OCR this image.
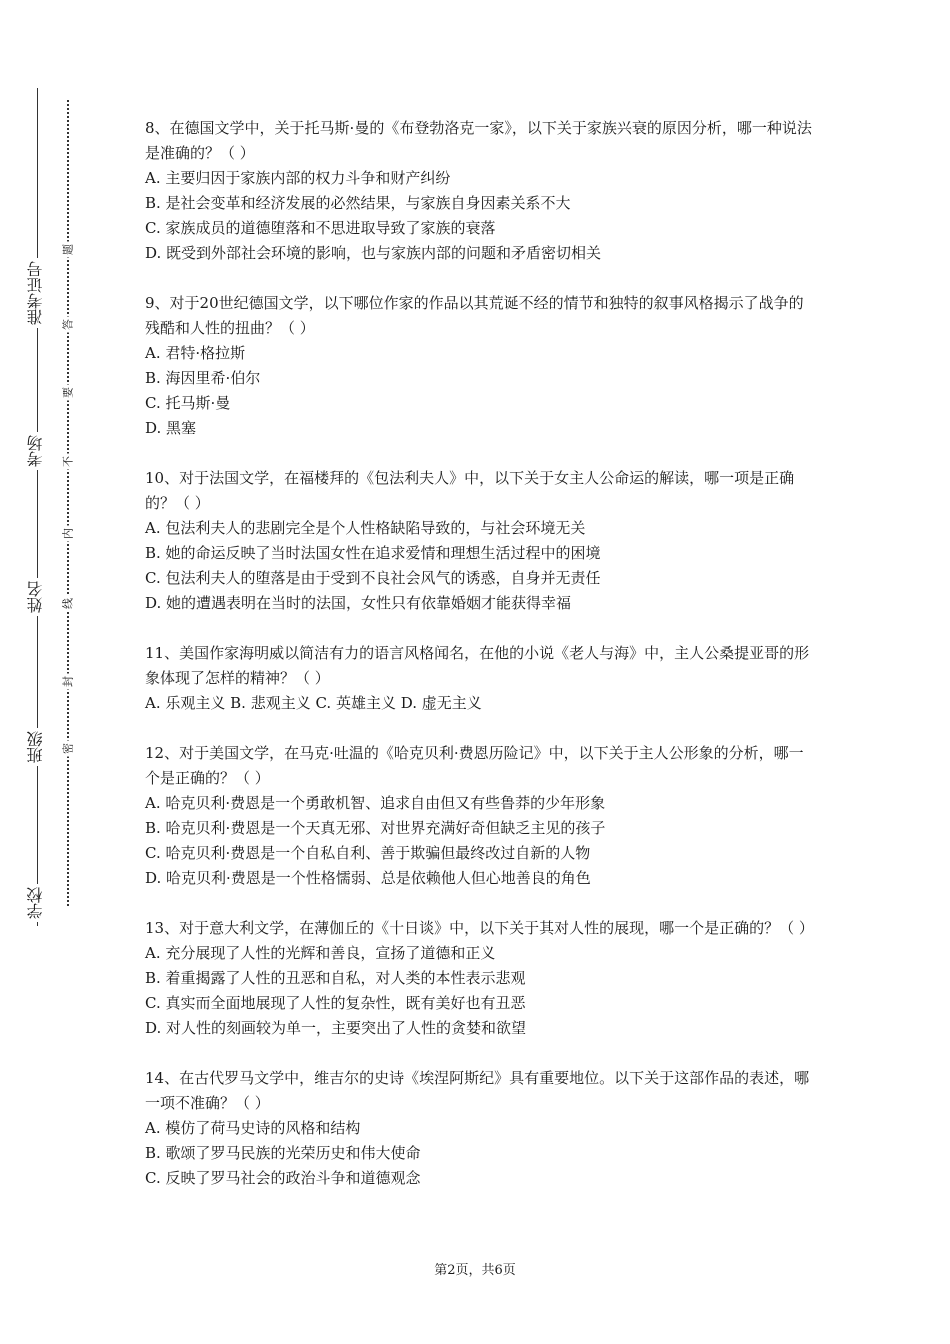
准考证号
考场
姓名
班级
学校
题
答
要
不
内
线
封
密

8、在德国文学中，关于托马斯·曼的《布登勃洛克一家》，以下关于家族兴衰的原因分析，哪一种说法是准确的？（ ）

A. 主要归因于家族内部的权力斗争和财产纠纷

B. 是社会变革和经济发展的必然结果，与家族自身因素关系不大

C. 家族成员的道德堕落和不思进取导致了家族的衰落

D. 既受到外部社会环境的影响，也与家族内部的问题和矛盾密切相关

9、对于20世纪德国文学，以下哪位作家的作品以其荒诞不经的情节和独特的叙事风格揭示了战争的残酷和人性的扭曲？（ ）

A. 君特·格拉斯

B. 海因里希·伯尔

C. 托马斯·曼

D. 黑塞

10、对于法国文学，在福楼拜的《包法利夫人》中，以下关于女主人公命运的解读，哪一项是正确的？（ ）

A. 包法利夫人的悲剧完全是个人性格缺陷导致的，与社会环境无关

B. 她的命运反映了当时法国女性在追求爱情和理想生活过程中的困境

C. 包法利夫人的堕落是由于受到不良社会风气的诱惑，自身并无责任

D. 她的遭遇表明在当时的法国，女性只有依靠婚姻才能获得幸福

11、美国作家海明威以简洁有力的语言风格闻名，在他的小说《老人与海》中，主人公桑提亚哥的形象体现了怎样的精神？（ ）

A. 乐观主义 B. 悲观主义 C. 英雄主义 D. 虚无主义

12、对于美国文学，在马克·吐温的《哈克贝利·费恩历险记》中，以下关于主人公形象的分析，哪一个是正确的？（ ）

A. 哈克贝利·费恩是一个勇敢机智、追求自由但又有些鲁莽的少年形象

B. 哈克贝利·费恩是一个天真无邪、对世界充满好奇但缺乏主见的孩子

C. 哈克贝利·费恩是一个自私自利、善于欺骗但最终改过自新的人物

D. 哈克贝利·费恩是一个性格懦弱、总是依赖他人但心地善良的角色

13、对于意大利文学，在薄伽丘的《十日谈》中，以下关于其对人性的展现，哪一个是正确的？（ ）

A. 充分展现了人性的光辉和善良，宣扬了道德和正义

B. 着重揭露了人性的丑恶和自私，对人类的本性表示悲观

C. 真实而全面地展现了人性的复杂性，既有美好也有丑恶

D. 对人性的刻画较为单一，主要突出了人性的贪婪和欲望

14、在古代罗马文学中，维吉尔的史诗《埃涅阿斯纪》具有重要地位。以下关于这部作品的表述，哪一项不准确？（ ）

A. 模仿了荷马史诗的风格和结构

B. 歌颂了罗马民族的光荣历史和伟大使命

C. 反映了罗马社会的政治斗争和道德观念

第2页，共6页
